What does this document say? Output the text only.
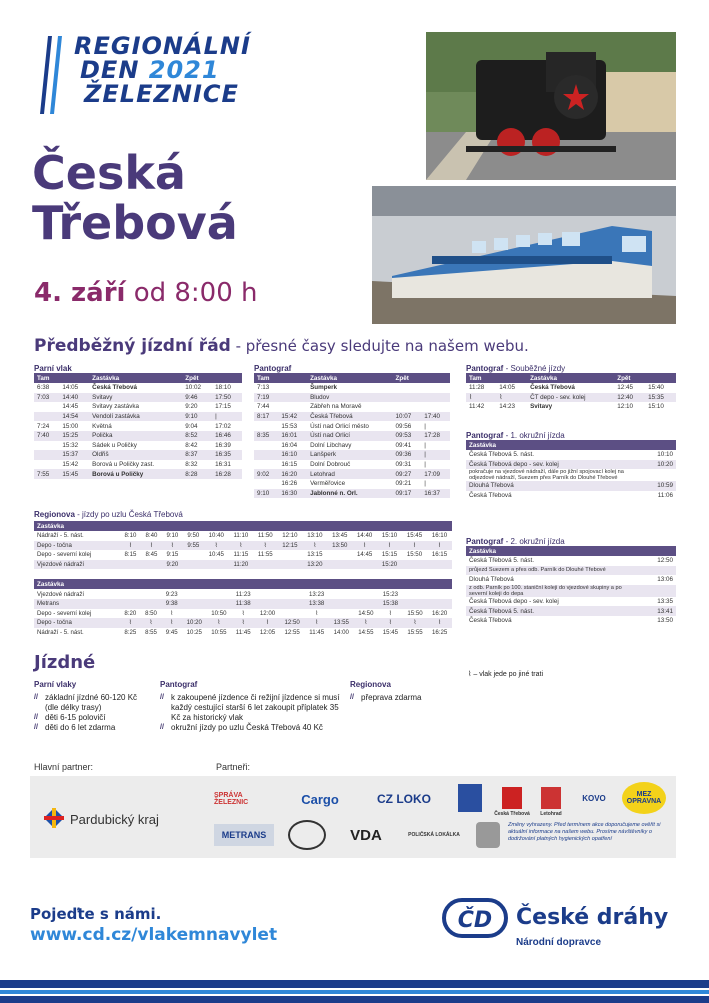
REGIONÁLNÍ
DEN 2021
ŽELEZNICE
Česká
Třebová
4. září od 8:00 h
Předběžný jízdní řád - přesné časy sledujte na našem webu.
Parní vlak
Tam		Zastávka	Zpět	
6:38	14:05	Česká Třebová	10:02	18:10
7:03	14:40	Svitavy	9:46	17:50
	14:45	Svitavy zastávka	9:20	17:15
	14:54	Vendolí zastávka	9:10	|
7:24	15:00	Květná	9:04	17:02
7:40	15:25	Polička	8:52	16:46
	15:32	Sádek u Poličky	8:42	16:39
	15:37	Oldřiš	8:37	16:35
	15:42	Borová u Poličky zast.	8:32	16:31
7:55	15:45	Borová u Poličky	8:28	16:28
Pantograf
Tam		Zastávka	Zpět	
7:13		Šumperk		
7:19		Bludov		
7:44		Zábřeh na Moravě		
8:17	15:42	Česká Třebová	10:07	17:40
	15:53	Ústí nad Orlicí město	09:56	|
8:35	16:01	Ústí nad Orlicí	09:53	17:28
	16:04	Dolní Libchavy	09:41	|
	16:10	Lanšperk	09:36	|
	16:15	Dolní Dobrouč	09:31	|
9:02	16:20	Letohrad	09:27	17:09
	16:26	Verměřovice	09:21	|
9:10	16:30	Jablonné n. Orl.	09:17	16:37
Pantograf - Souběžné jízdy
Tam		Zastávka	Zpět	
11:28	14:05	Česká Třebová	12:45	15:40
⌇	⌇	ČT depo - sev. kolej	12:40	15:35
11:42	14:23	Svitavy	12:10	15:10
Pantograf - 1. okružní jízda
Zastávka	
Česká Třebová 5. nást.	10:10
Česká Třebová depo - sev. kolej	10:20
pokračuje na vjezdové nádraží, dále po jižní spojovací kolej na odjezdové nádraží, Suezem přes Parník do Dlouhé Třebové	
Dlouhá Třebová	10:59
Česká Třebová	11:06
Pantograf - 2. okružní jízda
Zastávka	
Česká Třebová 5. nást.	12:50
průjezd Suezem a přes odb. Parník do Dlouhé Třebové	
Dlouhá Třebová	13:06
z odb. Parník po 100. staniční koleji do vjezdové skupiny a po severní koleji do depa	
Česká Třebová depo - sev. kolej	13:35
Česká Třebová 5. nást.	13:41
Česká Třebová	13:50
⌇ – vlak jede po jiné trati
Regionova - jízdy po uzlu Česká Třebová
Zastávka														
Nádraží - 5. nást.	8:10	8:40	9:10	9:50	10:40	11:10	11:50	12:10	13:10	13:45	14:40	15:10	15:45	16:10
Depo - točna	⌇	⌇	⌇	9:55	⌇	⌇	⌇	12:15	⌇	13:50	⌇	⌇	⌇	⌇
Depo - severní kolej	8:15	8:45	9:15		10:45	11:15	11:55		13:15		14:45	15:15	15:50	16:15
Vjezdové nádraží			9:20			11:20			13:20			15:20		
Zastávka														
Vjezdové nádraží			9:23			11:23			13:23			15:23		
Metrans			9:38			11:38			13:38			15:38		
Depo - severní kolej	8:20	8:50	⌇		10:50	⌇	12:00		⌇		14:50	⌇	15:50	16:20
Depo - točna	⌇	⌇	⌇	10:20	⌇	⌇	⌇	12:50	⌇	13:55	⌇	⌇	⌇	⌇
Nádraží - 5. nást.	8:25	8:55	9:45	10:25	10:55	11:45	12:05	12:55	11:45	14:00	14:55	15:45	15:55	16:25
Jízdné
Parní vlaky
// základní jízdné 60-120 Kč (dle délky trasy)
// děti 6-15 polovičí
// děti do 6 let zdarma
Pantograf
// k zakoupené jízdence či režijní jízdence si musí každý cestující starší 6 let zakoupit příplatek 35 Kč za historický vlak
// okružní jízdy po uzlu Česká Třebová 40 Kč
Regionova
// přeprava zdarma
Hlavní partner:	Partneři:
Pardubický kraj
SPRÁVA ŽELEZNIC	Cargo	CZ LOKO
Česká Třebová Letohrad
KOVO	MEZ OPRAVNA
METRANS	VDA	POLIČSKÁ LOKÁLKA
Změny vyhrazeny. Před termínem akce doporučujeme ověřit si aktuální informace na našem webu. Prosíme návštěvníky o dodržování platných hygienických opatření
Pojeďte s námi.
www.cd.cz/vlakemnavylet
ČD České dráhy
Národní dopravce
